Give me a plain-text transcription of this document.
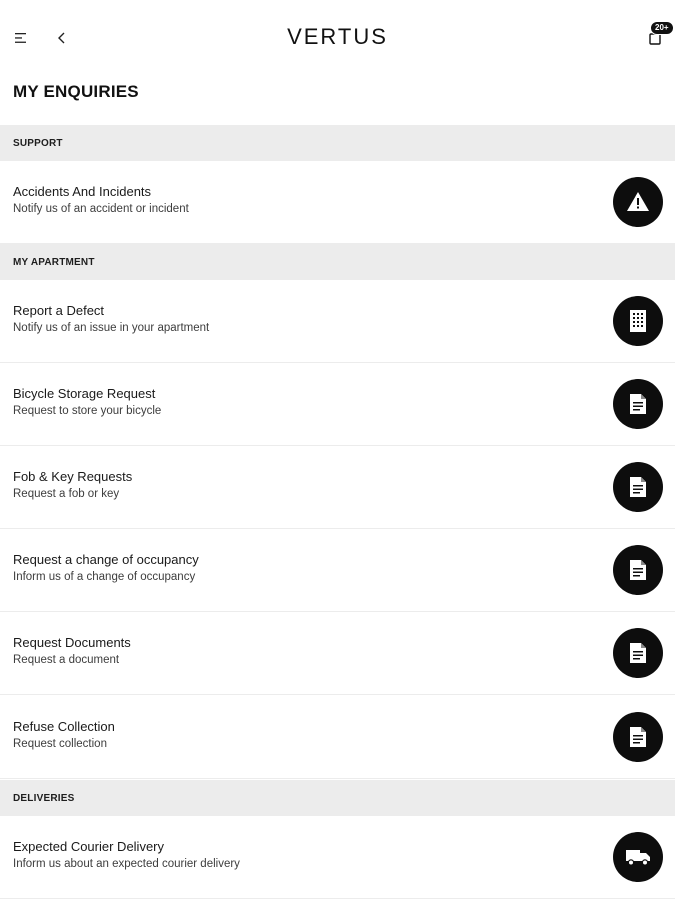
VERTUS	20+
MY ENQUIRIES
SUPPORT
Accidents And Incidents
Notify us of an accident or incident
MY APARTMENT
Report a Defect
Notify us of an issue in your apartment
Bicycle Storage Request
Request to store your bicycle
Fob & Key Requests
Request a fob or key
Request a change of occupancy
Inform us of a change of occupancy
Request Documents
Request a document
Refuse Collection
Request collection
DELIVERIES
Expected Courier Delivery
Inform us about an expected courier delivery
